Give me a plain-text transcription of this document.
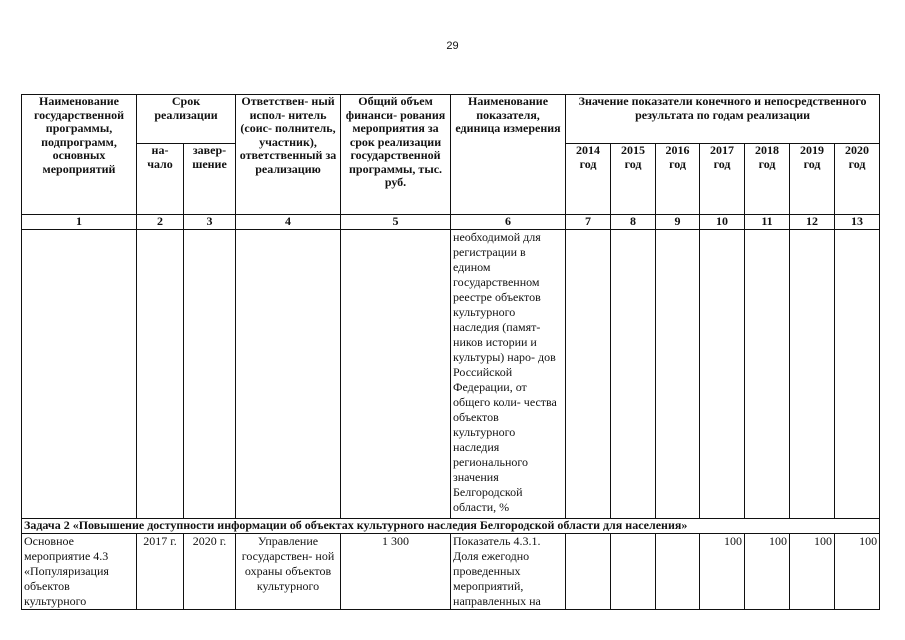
29
Наименование государственной программы, подпрограмм, основных мероприятий	Срок реализации		Ответствен- ный испол- нитель (соис- полнитель, участник), ответственный за реализацию	Общий объем финанси- рования мероприятия за срок реализации государственной программы, тыс. руб.	Наименование показателя, единица измерения	Значение показатели конечного и непосредственного результата по годам реализации						
	на- чало	завер- шение				2014 год	2015 год	2016 год	2017 год	2018 год	2019 год	2020 год
1	2	3	4	5	6	7	8	9	10	11	12	13
					необходимой для регистрации в едином государственном реестре объектов культурного наследия (памят- ников истории и культуры) наро- дов Российской Федерации, от общего коли- чества объектов культурного наследия регионального значения Белгородской области, %							
Задача 2 «Повышение доступности информации об объектах культурного наследия Белгородской области для населения»												
Основное мероприятие 4.3 «Популяризация объектов культурного	2017 г.	2020 г.	Управление государствен- ной охраны объектов культурного	1 300	Показатель 4.3.1. Доля ежегодно проведенных мероприятий, направленных на				100	100	100	100
